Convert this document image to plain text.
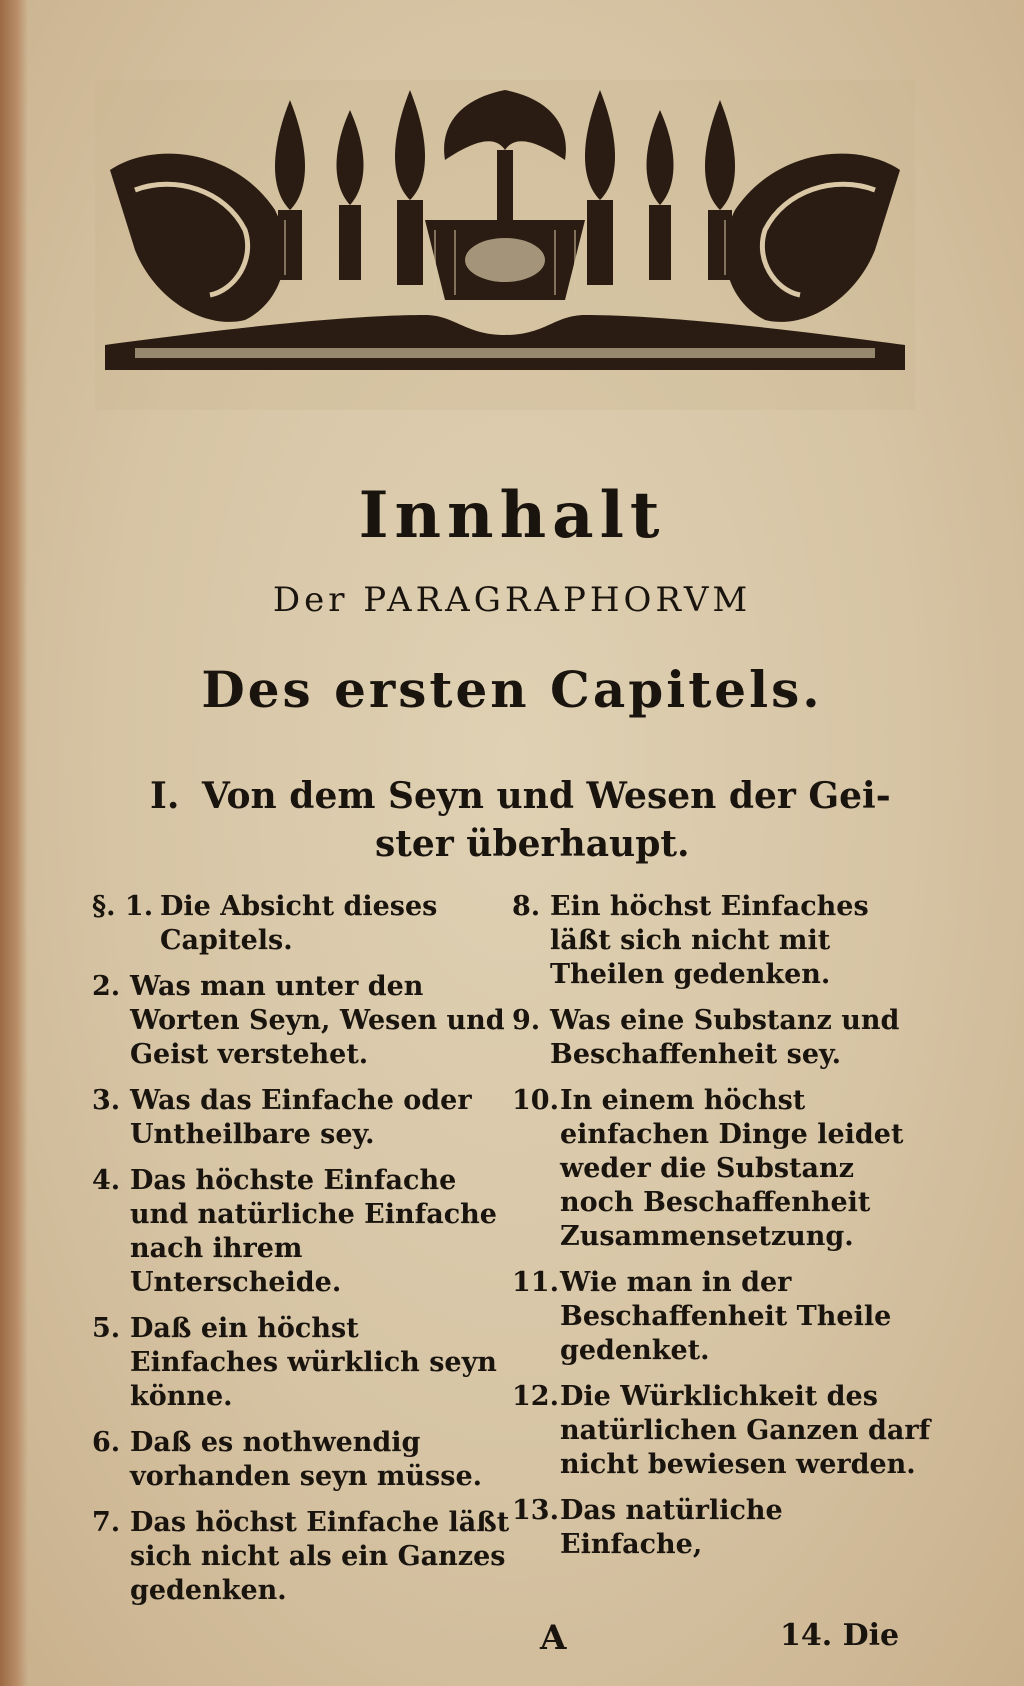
Innhalt
Der PARAGRAPHORVM
Des ersten Capitels.
I. Von dem Seyn und Wesen der Gei-
ster überhaupt.
§. 1. Die Absicht dieses Capitels.
2. Was man unter den Worten Seyn, Wesen und Geist verstehet.
3. Was das Einfache oder Untheilbare sey.
4. Das höchste Einfache und natürliche Einfache nach ihrem Unterscheide.
5. Daß ein höchst Einfaches würklich seyn könne.
6. Daß es nothwendig vorhanden seyn müsse.
7. Das höchst Einfache läßt sich nicht als ein Ganzes gedenken.
8. Ein höchst Einfaches läßt sich nicht mit Theilen gedenken.
9. Was eine Substanz und Beschaffenheit sey.
10. In einem höchst einfachen Dinge leidet weder die Substanz noch Beschaffenheit Zusammensetzung.
11. Wie man in der Beschaffenheit Theile gedenket.
12. Die Würklichkeit des natürlichen Ganzen darf nicht bewiesen werden.
13. Das natürliche Einfache,
A	14. Die
